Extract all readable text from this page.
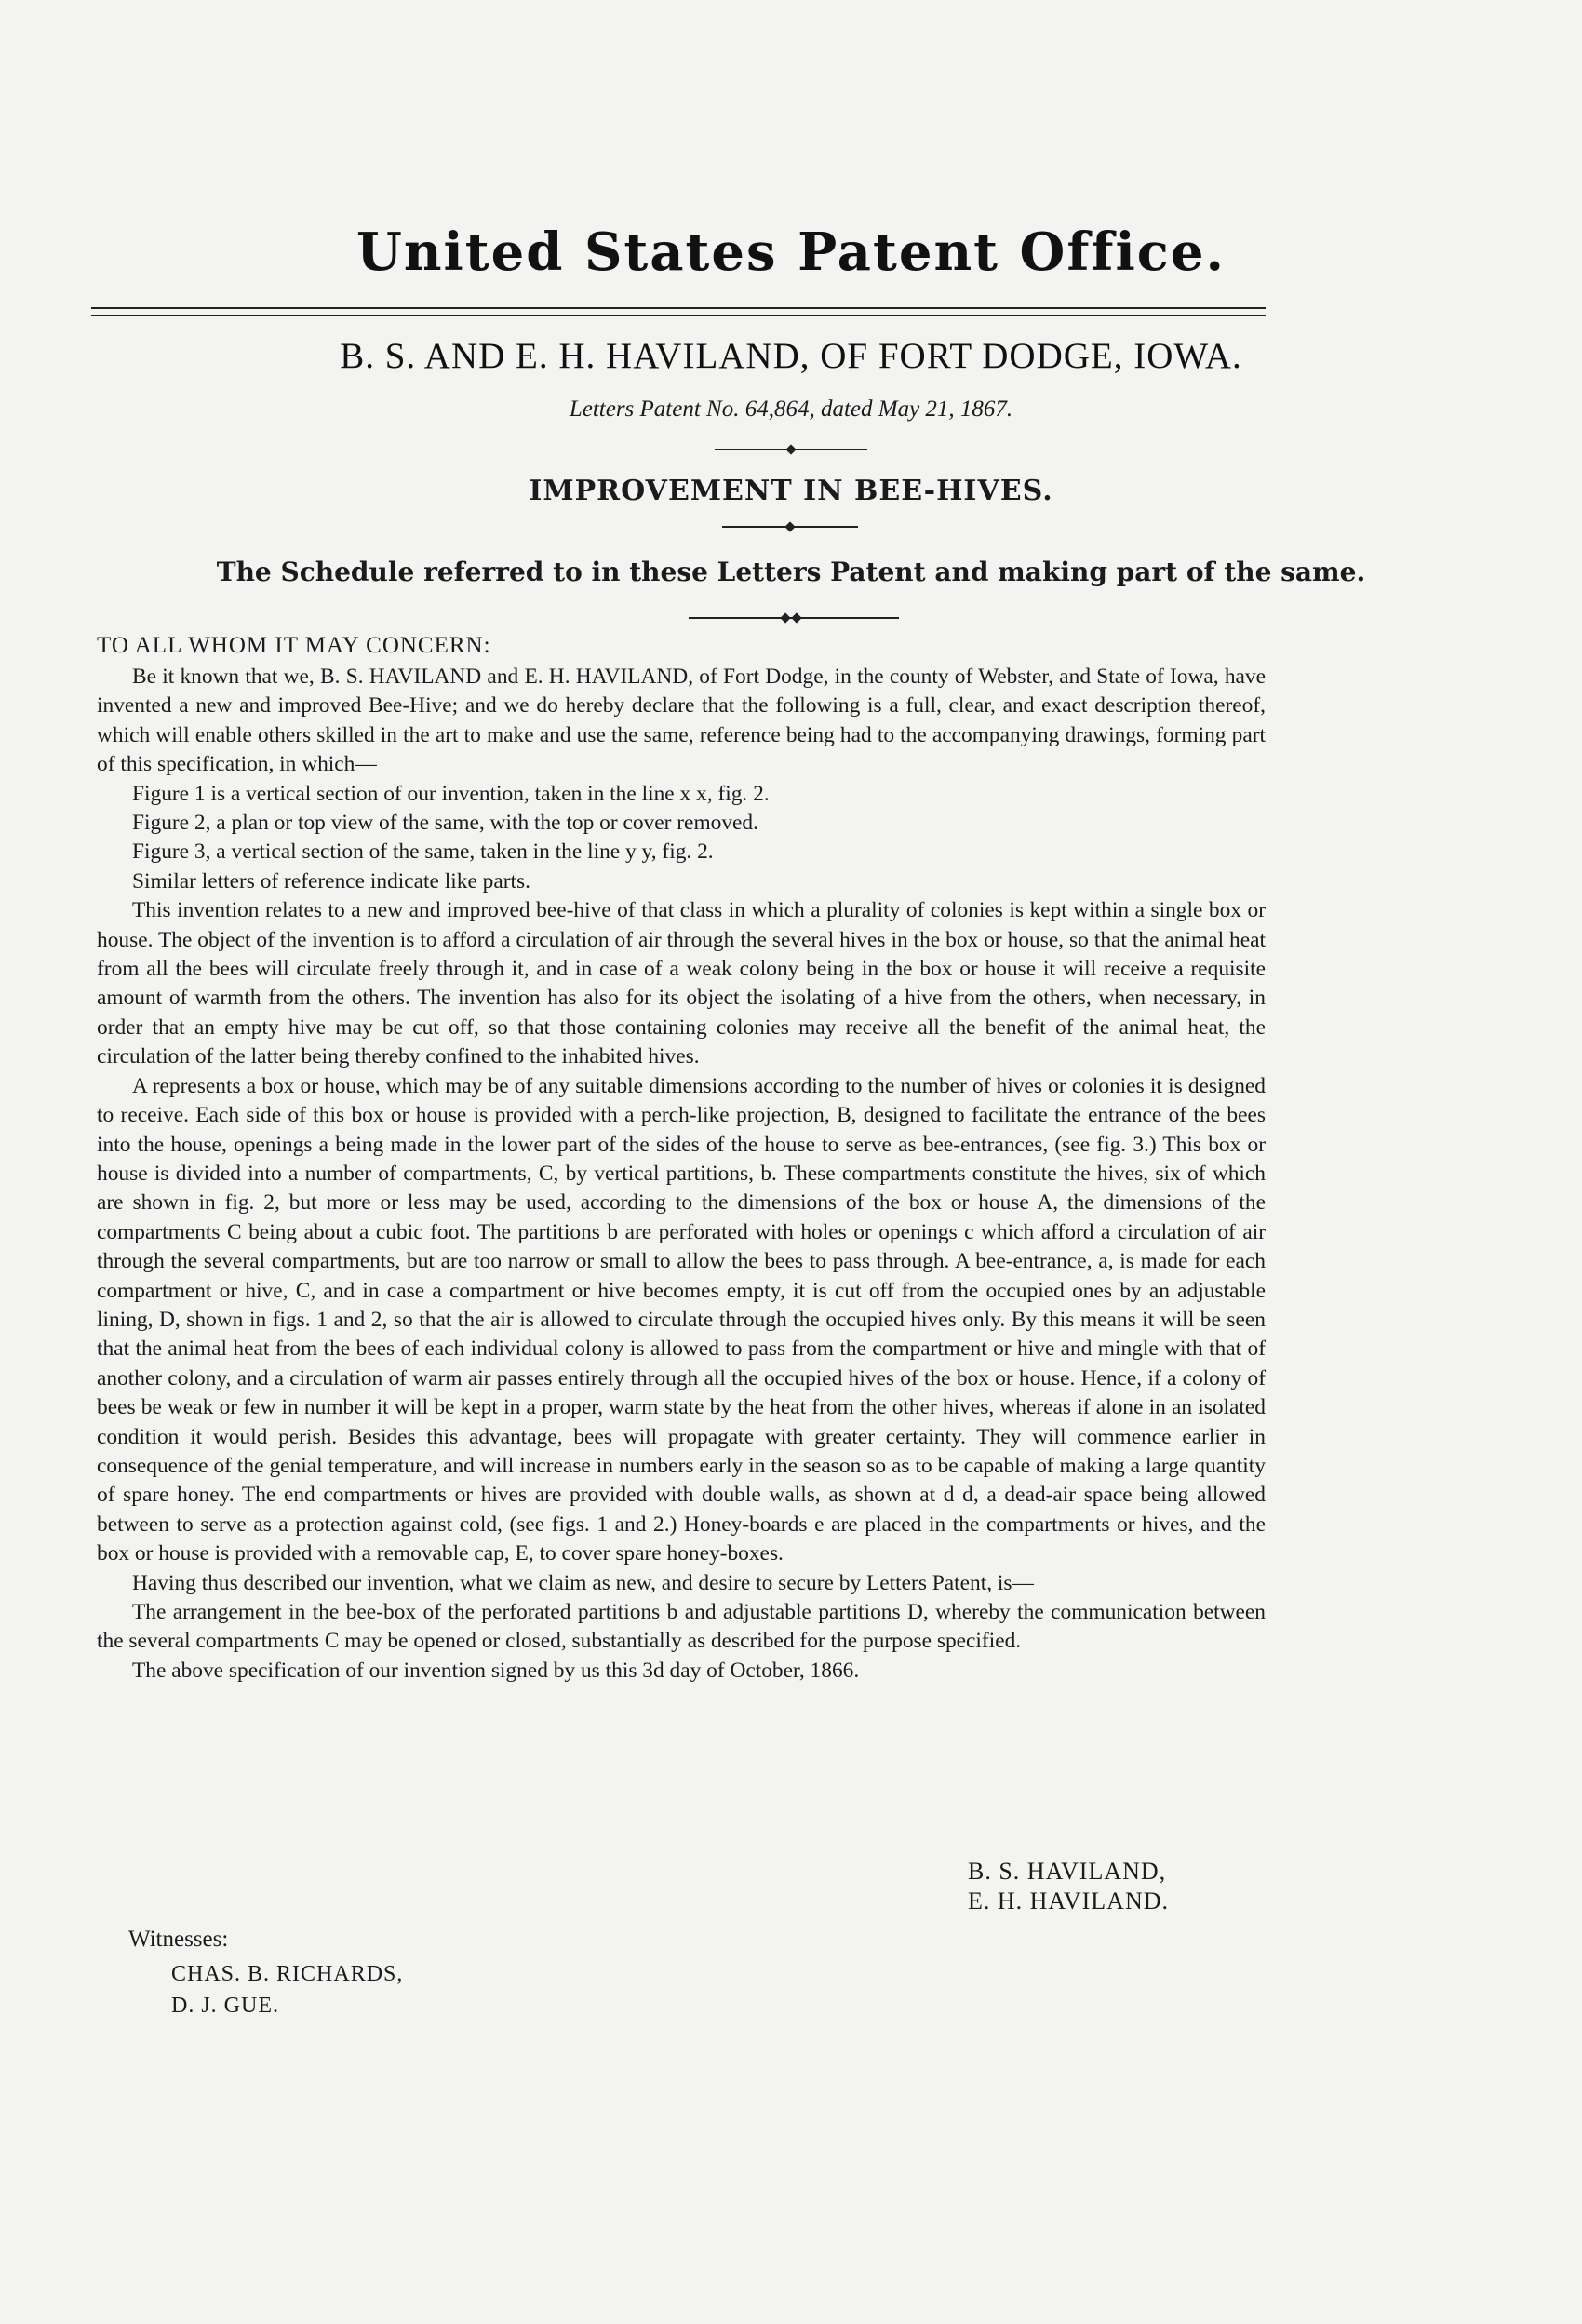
United States Patent Office.
B. S. AND E. H. HAVILAND, OF FORT DODGE, IOWA.
Letters Patent No. 64,864, dated May 21, 1867.
IMPROVEMENT IN BEE-HIVES.
The Schedule referred to in these Letters Patent and making part of the same.
TO ALL WHOM IT MAY CONCERN:

Be it known that we, B. S. HAVILAND and E. H. HAVILAND, of Fort Dodge, in the county of Webster, and State of Iowa, have invented a new and improved Bee-Hive; and we do hereby declare that the following is a full, clear, and exact description thereof, which will enable others skilled in the art to make and use the same, reference being had to the accompanying drawings, forming part of this specification, in which—

Figure 1 is a vertical section of our invention, taken in the line x x, fig. 2.

Figure 2, a plan or top view of the same, with the top or cover removed.

Figure 3, a vertical section of the same, taken in the line y y, fig. 2.

Similar letters of reference indicate like parts.

This invention relates to a new and improved bee-hive of that class in which a plurality of colonies is kept within a single box or house. The object of the invention is to afford a circulation of air through the several hives in the box or house, so that the animal heat from all the bees will circulate freely through it, and in case of a weak colony being in the box or house it will receive a requisite amount of warmth from the others. The invention has also for its object the isolating of a hive from the others, when necessary, in order that an empty hive may be cut off, so that those containing colonies may receive all the benefit of the animal heat, the circulation of the latter being thereby confined to the inhabited hives.

A represents a box or house, which may be of any suitable dimensions according to the number of hives or colonies it is designed to receive. Each side of this box or house is provided with a perch-like projection, B, designed to facilitate the entrance of the bees into the house, openings a being made in the lower part of the sides of the house to serve as bee-entrances, (see fig. 3.) This box or house is divided into a number of compartments, C, by vertical partitions, b. These compartments constitute the hives, six of which are shown in fig. 2, but more or less may be used, according to the dimensions of the box or house A, the dimensions of the compartments C being about a cubic foot. The partitions b are perforated with holes or openings c which afford a circulation of air through the several compartments, but are too narrow or small to allow the bees to pass through. A bee-entrance, a, is made for each compartment or hive, C, and in case a compartment or hive becomes empty, it is cut off from the occupied ones by an adjustable lining, D, shown in figs. 1 and 2, so that the air is allowed to circulate through the occupied hives only. By this means it will be seen that the animal heat from the bees of each individual colony is allowed to pass from the compartment or hive and mingle with that of another colony, and a circulation of warm air passes entirely through all the occupied hives of the box or house. Hence, if a colony of bees be weak or few in number it will be kept in a proper, warm state by the heat from the other hives, whereas if alone in an isolated condition it would perish. Besides this advantage, bees will propagate with greater certainty. They will commence earlier in consequence of the genial temperature, and will increase in numbers early in the season so as to be capable of making a large quantity of spare honey. The end compartments or hives are provided with double walls, as shown at d d, a dead-air space being allowed between to serve as a protection against cold, (see figs. 1 and 2.) Honey-boards e are placed in the compartments or hives, and the box or house is provided with a removable cap, E, to cover spare honey-boxes.

Having thus described our invention, what we claim as new, and desire to secure by Letters Patent, is—

The arrangement in the bee-box of the perforated partitions b and adjustable partitions D, whereby the communication between the several compartments C may be opened or closed, substantially as described for the purpose specified.

The above specification of our invention signed by us this 3d day of October, 1866.

B. S. HAVILAND,
E. H. HAVILAND.
Witnesses:
CHAS. B. RICHARDS,
D. J. GUE.
